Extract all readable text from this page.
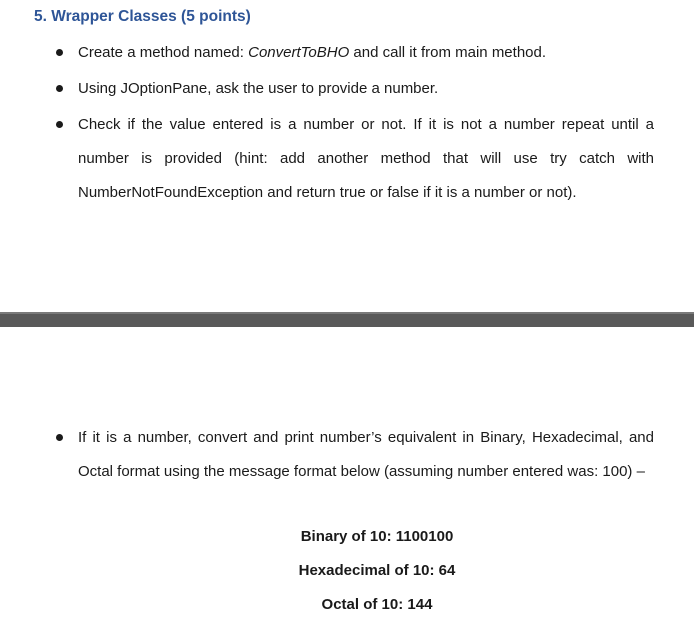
5. Wrapper Classes (5 points)
Create a method named: ConvertToBHO and call it from main method.
Using JOptionPane, ask the user to provide a number.
Check if the value entered is a number or not. If it is not a number repeat until a number is provided (hint: add another method that will use try catch with NumberNotFoundException and return true or false if it is a number or not).
If it is a number, convert and print number’s equivalent in Binary, Hexadecimal, and Octal format using the message format below (assuming number entered was: 100) –
Binary of 10: 1100100
Hexadecimal of 10: 64
Octal of 10: 144
